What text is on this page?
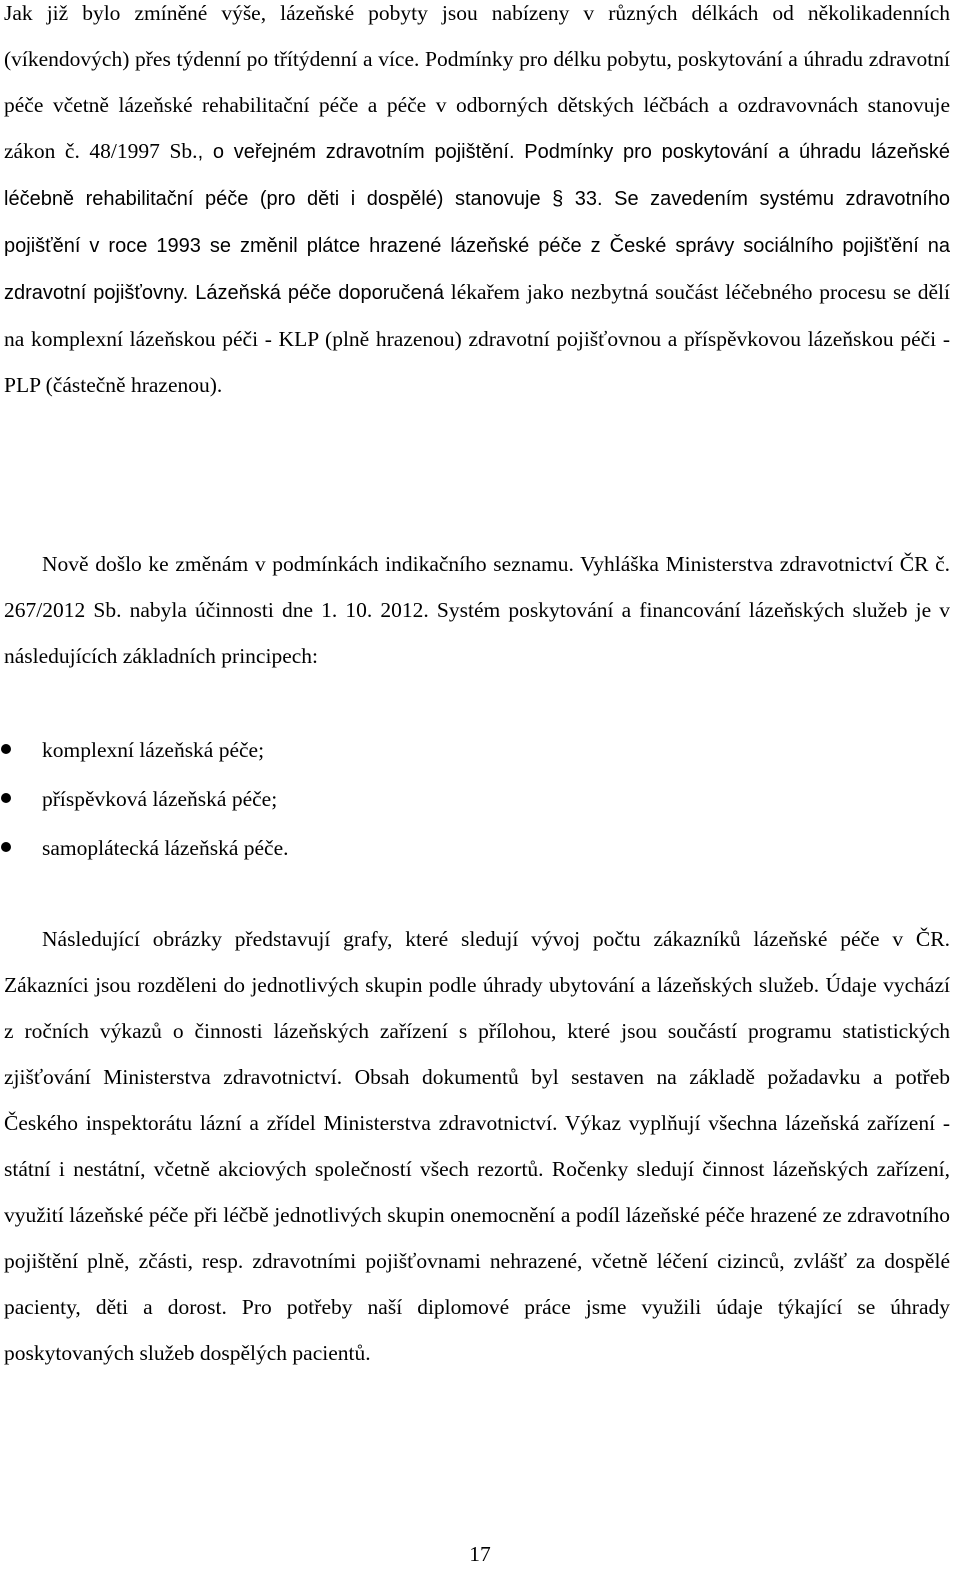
Jak již bylo zmíněné výše, lázeňské pobyty jsou nabízeny v různých délkách od několikadenních (víkendových) přes týdenní po třítýdenní a více. Podmínky pro délku pobytu, poskytování a úhradu zdravotní péče včetně lázeňské rehabilitační péče a péče v odborných dětských léčbách a ozdravovnách stanovuje zákon č. 48/1997 Sb., o veřejném zdravotním pojištění. Podmínky pro poskytování a úhradu lázeňské léčebně rehabilitační péče (pro děti i dospělé) stanovuje § 33. Se zavedením systému zdravotního pojišťění v roce 1993 se změnil plátce hrazené lázeňské péče z České správy sociálního pojišťění na zdravotní pojišťovny. Lázeňská péče doporučená lékařem jako nezbytná součást léčebného procesu se dělí na komplexní lázeňskou péči - KLP (plně hrazenou) zdravotní pojišťovnou a příspěvkovou lázeňskou péči - PLP (částečně hrazenou).

Nově došlo ke změnám v podmínkách indikačního seznamu. Vyhláška Ministerstva zdravotnictví ČR č. 267/2012 Sb. nabyla účinnosti dne 1. 10. 2012. Systém poskytování a financování lázeňských služeb je v následujících základních principech:

komplexní lázeňská péče;
příspěvková lázeňská péče;
samoplátecká lázeňská péče.

Následující obrázky představují grafy, které sledují vývoj počtu zákazníků lázeňské péče v ČR. Zákazníci jsou rozděleni do jednotlivých skupin podle úhrady ubytování a lázeňských služeb. Údaje vychází z ročních výkazů o činnosti lázeňských zařízení s přílohou, které jsou součástí programu statistických zjišťování Ministerstva zdravotnictví. Obsah dokumentů byl sestaven na základě požadavku a potřeb Českého inspektorátu lázní a zřídel Ministerstva zdravotnictví. Výkaz vyplňují všechna lázeňská zařízení - státní i nestátní, včetně akciových společností všech rezortů. Ročenky sledují činnost lázeňských zařízení, využití lázeňské péče při léčbě jednotlivých skupin onemocnění a podíl lázeňské péče hrazené ze zdravotního pojištění plně, zčásti, resp. zdravotními pojišťovnami nehrazené, včetně léčení cizinců, zvlášť za dospělé pacienty, děti a dorost. Pro potřeby naší diplomové práce jsme využili údaje týkající se úhrady poskytovaných služeb dospělých pacientů.

17
